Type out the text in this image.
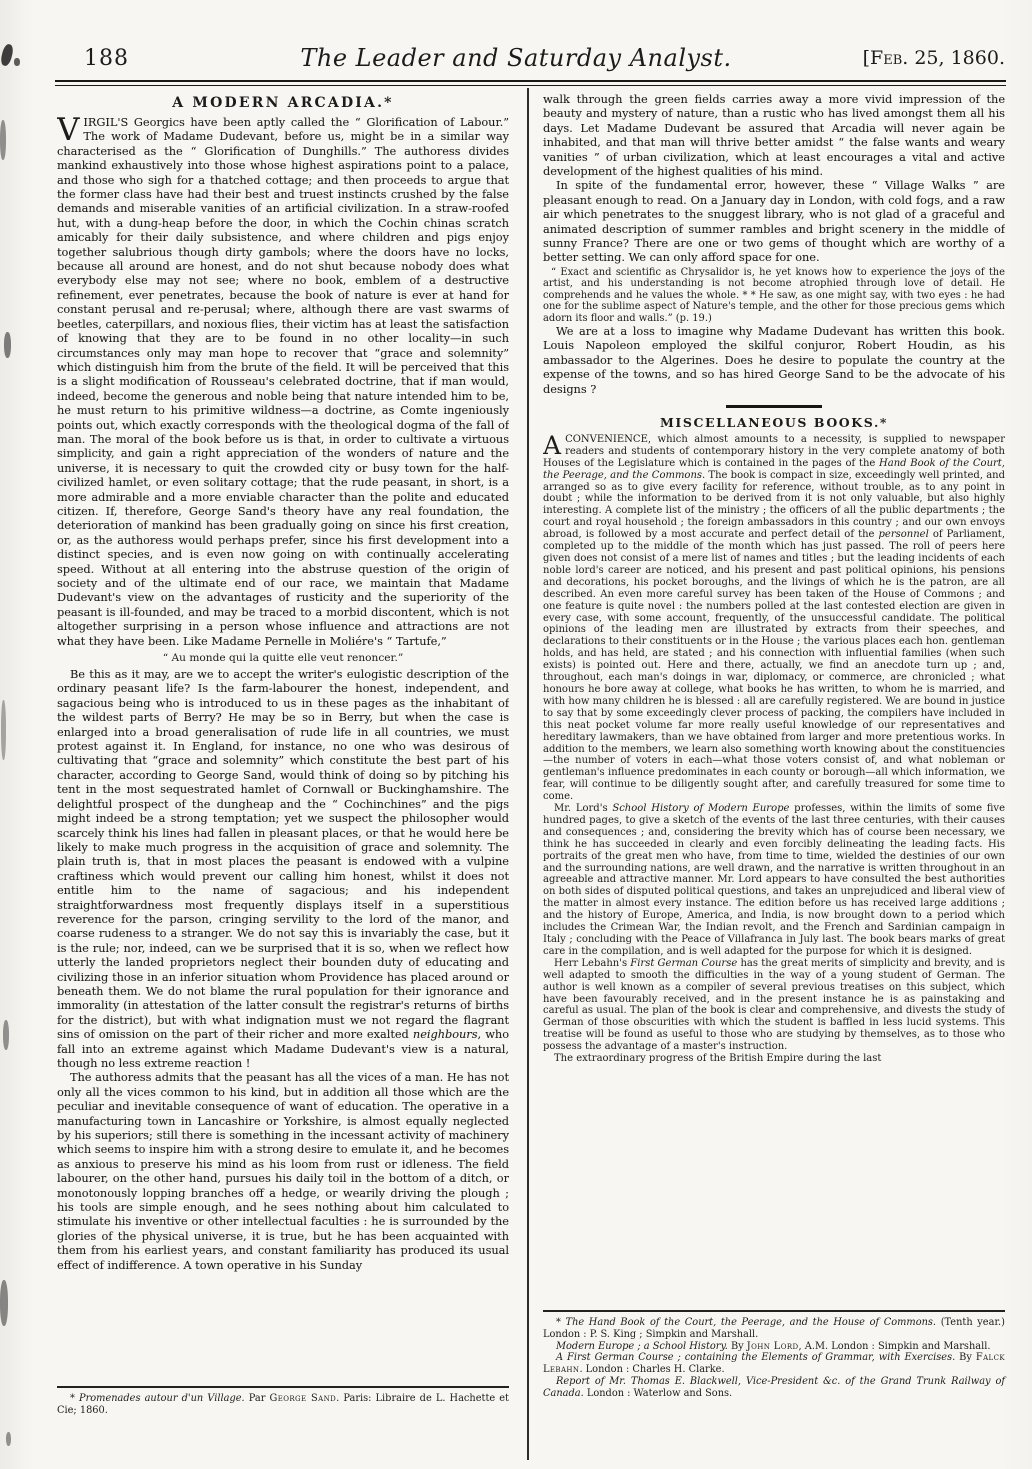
188	The Leader and Saturday Analyst.	[Feb. 25, 1860.
A MODERN ARCADIA.*

VIRGIL'S Georgics have been aptly called the “ Glorification of Labour.” The work of Madame Dudevant, before us, might be in a similar way characterised as the “ Glorification of Dunghills.” The authoress divides mankind exhaustively into those whose highest aspirations point to a palace, and those who sigh for a thatched cottage; and then proceeds to argue that the former class have had their best and truest instincts crushed by the false demands and miserable vanities of an artificial civilization. In a straw-roofed hut, with a dung-heap before the door, in which the Cochin chinas scratch amicably for their daily subsistence, and where children and pigs enjoy together salubrious though dirty gambols; where the doors have no locks, because all around are honest, and do not shut because nobody does what everybody else may not see; where no book, emblem of a destructive refinement, ever penetrates, because the book of nature is ever at hand for constant perusal and re-perusal; where, although there are vast swarms of beetles, caterpillars, and noxious flies, their victim has at least the satisfaction of knowing that they are to be found in no other locality—in such circumstances only may man hope to recover that “grace and solemnity” which distinguish him from the brute of the field. It will be perceived that this is a slight modification of Rousseau's celebrated doctrine, that if man would, indeed, become the generous and noble being that nature intended him to be, he must return to his primitive wildness—a doctrine, as Comte ingeniously points out, which exactly corresponds with the theological dogma of the fall of man. The moral of the book before us is that, in order to cultivate a virtuous simplicity, and gain a right appreciation of the wonders of nature and the universe, it is necessary to quit the crowded city or busy town for the half-civilized hamlet, or even solitary cottage; that the rude peasant, in short, is a more admirable and a more enviable character than the polite and educated citizen. If, therefore, George Sand's theory have any real foundation, the deterioration of mankind has been gradually going on since his first creation, or, as the authoress would perhaps prefer, since his first development into a distinct species, and is even now going on with continually accelerating speed. Without at all entering into the abstruse question of the origin of society and of the ultimate end of our race, we maintain that Madame Dudevant's view on the advantages of rusticity and the superiority of the peasant is ill-founded, and may be traced to a morbid discontent, which is not altogether surprising in a person whose influence and attractions are not what they have been. Like Madame Pernelle in Moliére's “ Tartufe,”

“ Au monde qui la quitte elle veut renoncer.”

Be this as it may, are we to accept the writer's eulogistic description of the ordinary peasant life? Is the farm-labourer the honest, independent, and sagacious being who is introduced to us in these pages as the inhabitant of the wildest parts of Berry? He may be so in Berry, but when the case is enlarged into a broad generalisation of rude life in all countries, we must protest against it. In England, for instance, no one who was desirous of cultivating that “grace and solemnity” which constitute the best part of his character, according to George Sand, would think of doing so by pitching his tent in the most sequestrated hamlet of Cornwall or Buckinghamshire. The delightful prospect of the dungheap and the “ Cochinchines” and the pigs might indeed be a strong temptation; yet we suspect the philosopher would scarcely think his lines had fallen in pleasant places, or that he would here be likely to make much progress in the acquisition of grace and solemnity. The plain truth is, that in most places the peasant is endowed with a vulpine craftiness which would prevent our calling him honest, whilst it does not entitle him to the name of sagacious; and his independent straightforwardness most frequently displays itself in a superstitious reverence for the parson, cringing servility to the lord of the manor, and coarse rudeness to a stranger. We do not say this is invariably the case, but it is the rule; nor, indeed, can we be surprised that it is so, when we reflect how utterly the landed proprietors neglect their bounden duty of educating and civilizing those in an inferior situation whom Providence has placed around or beneath them. We do not blame the rural population for their ignorance and immorality (in attestation of the latter consult the registrar's returns of births for the district), but with what indignation must we not regard the flagrant sins of omission on the part of their richer and more exalted neighbours, who fall into an extreme against which Madame Dudevant's view is a natural, though no less extreme reaction !

The authoress admits that the peasant has all the vices of a man. He has not only all the vices common to his kind, but in addition all those which are the peculiar and inevitable consequence of want of education. The operative in a manufacturing town in Lancashire or Yorkshire, is almost equally neglected by his superiors; still there is something in the incessant activity of machinery which seems to inspire him with a strong desire to emulate it, and he becomes as anxious to preserve his mind as his loom from rust or idleness. The field labourer, on the other hand, pursues his daily toil in the bottom of a ditch, or monotonously lopping branches off a hedge, or wearily driving the plough ; his tools are simple enough, and he sees nothing about him calculated to stimulate his inventive or other intellectual faculties : he is surrounded by the glories of the physical universe, it is true, but he has been acquainted with them from his earliest years, and constant familiarity has produced its usual effect of indifference. A town operative in his Sunday

* Promenades autour d'un Village. Par George Sand. Paris: Libraire de L. Hachette et Cie; 1860.

walk through the green fields carries away a more vivid impression of the beauty and mystery of nature, than a rustic who has lived amongst them all his days. Let Madame Dudevant be assured that Arcadia will never again be inhabited, and that man will thrive better amidst “ the false wants and weary vanities ” of urban civilization, which at least encourages a vital and active development of the highest qualities of his mind.

In spite of the fundamental error, however, these “ Village Walks ” are pleasant enough to read. On a January day in London, with cold fogs, and a raw air which penetrates to the snuggest library, who is not glad of a graceful and animated description of summer rambles and bright scenery in the middle of sunny France? There are one or two gems of thought which are worthy of a better setting. We can only afford space for one.

“ Exact and scientific as Chrysalidor is, he yet knows how to experience the joys of the artist, and his understanding is not become atrophied through love of detail. He comprehends and he values the whole. * * He saw, as one might say, with two eyes : he had one for the sublime aspect of Nature's temple, and the other for those precious gems which adorn its floor and walls.” (p. 19.)

We are at a loss to imagine why Madame Dudevant has written this book. Louis Napoleon employed the skilful conjuror, Robert Houdin, as his ambassador to the Algerines. Does he desire to populate the country at the expense of the towns, and so has hired George Sand to be the advocate of his designs ?

MISCELLANEOUS BOOKS.*

ACONVENIENCE, which almost amounts to a necessity, is supplied to newspaper readers and students of contemporary history in the very complete anatomy of both Houses of the Legislature which is contained in the pages of the Hand Book of the Court, the Peerage, and the Commons. The book is compact in size, exceedingly well printed, and arranged so as to give every facility for reference, without trouble, as to any point in doubt ; while the information to be derived from it is not only valuable, but also highly interesting. A complete list of the ministry ; the officers of all the public departments ; the court and royal household ; the foreign ambassadors in this country ; and our own envoys abroad, is followed by a most accurate and perfect detail of the personnel of Parliament, completed up to the middle of the month which has just passed. The roll of peers here given does not consist of a mere list of names and titles ; but the leading incidents of each noble lord's career are noticed, and his present and past political opinions, his pensions and decorations, his pocket boroughs, and the livings of which he is the patron, are all described. An even more careful survey has been taken of the House of Commons ; and one feature is quite novel : the numbers polled at the last contested election are given in every case, with some account, frequently, of the unsuccessful candidate. The political opinions of the leading men are illustrated by extracts from their speeches, and declarations to their constituents or in the House ; the various places each hon. gentleman holds, and has held, are stated ; and his connection with influential families (when such exists) is pointed out. Here and there, actually, we find an anecdote turn up ; and, throughout, each man's doings in war, diplomacy, or commerce, are chronicled ; what honours he bore away at college, what books he has written, to whom he is married, and with how many children he is blessed : all are carefully registered. We are bound in justice to say that by some exceedingly clever process of packing, the compilers have included in this neat pocket volume far more really useful knowledge of our representatives and hereditary lawmakers, than we have obtained from larger and more pretentious works. In addition to the members, we learn also something worth knowing about the constituencies—the number of voters in each—what those voters consist of, and what nobleman or gentleman's influence predominates in each county or borough—all which information, we fear, will continue to be diligently sought after, and carefully treasured for some time to come.

Mr. Lord's School History of Modern Europe professes, within the limits of some five hundred pages, to give a sketch of the events of the last three centuries, with their causes and consequences ; and, considering the brevity which has of course been necessary, we think he has succeeded in clearly and even forcibly delineating the leading facts. His portraits of the great men who have, from time to time, wielded the destinies of our own and the surrounding nations, are well drawn, and the narrative is written throughout in an agreeable and attractive manner. Mr. Lord appears to have consulted the best authorities on both sides of disputed political questions, and takes an unprejudiced and liberal view of the matter in almost every instance. The edition before us has received large additions ; and the history of Europe, America, and India, is now brought down to a period which includes the Crimean War, the Indian revolt, and the French and Sardinian campaign in Italy ; concluding with the Peace of Villafranca in July last. The book bears marks of great care in the compilation, and is well adapted for the purpose for which it is designed.

Herr Lebahn's First German Course has the great merits of simplicity and brevity, and is well adapted to smooth the difficulties in the way of a young student of German. The author is well known as a compiler of several previous treatises on this subject, which have been favourably received, and in the present instance he is as painstaking and careful as usual. The plan of the book is clear and comprehensive, and divests the study of German of those obscurities with which the student is baffled in less lucid systems. This treatise will be found as useful to those who are studying by themselves, as to those who possess the advantage of a master's instruction.

The extraordinary progress of the British Empire during the last

* The Hand Book of the Court, the Peerage, and the House of Commons. (Tenth year.) London : P. S. King ; Simpkin and Marshall.

Modern Europe ; a School History. By John Lord, A.M. London : Simpkin and Marshall.

A First German Course ; containing the Elements of Grammar, with Exercises. By Falck Lebahn. London : Charles H. Clarke.

Report of Mr. Thomas E. Blackwell, Vice-President &c. of the Grand Trunk Railway of Canada. London : Waterlow and Sons.
